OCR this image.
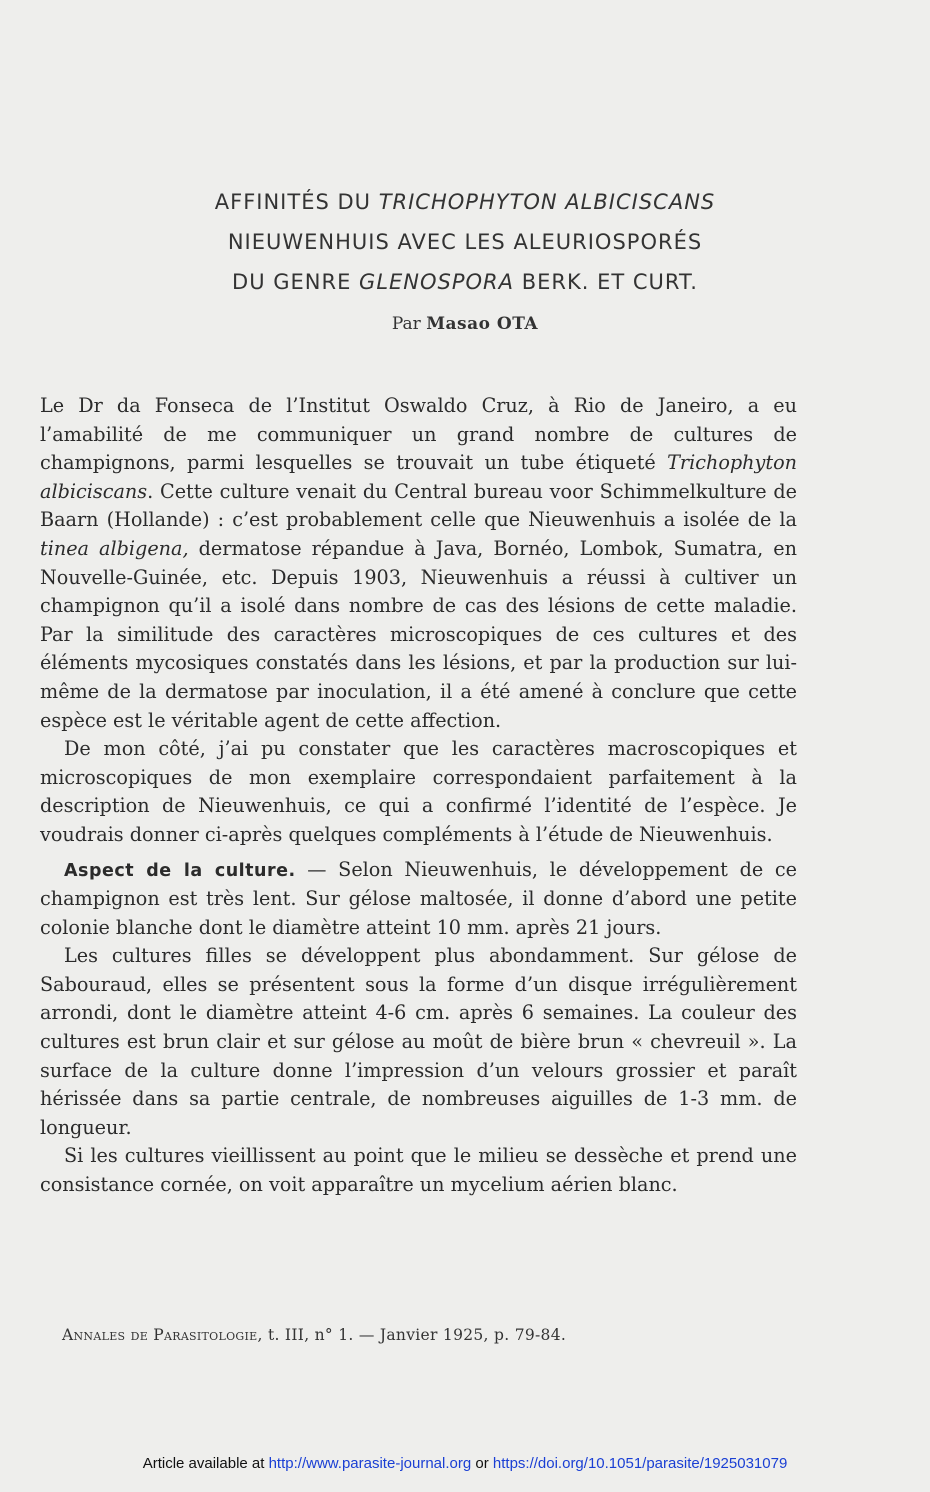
AFFINITÉS DU TRICHOPHYTON ALBICISCANS
NIEUWENHUIS AVEC LES ALEURIOSPORÉS
DU GENRE GLENOSPORA BERK. ET CURT.
Par Masao OTA

Le Dr da Fonseca de l’Institut Oswaldo Cruz, à Rio de Janeiro, a eu l’amabilité de me communiquer un grand nombre de cultures de champignons, parmi lesquelles se trouvait un tube étiqueté Trichophyton albiciscans. Cette culture venait du Central bureau voor Schimmelkulture de Baarn (Hollande) : c’est probablement celle que Nieuwenhuis a isolée de la tinea albigena, dermatose répandue à Java, Bornéo, Lombok, Sumatra, en Nouvelle-Guinée, etc. Depuis 1903, Nieuwenhuis a réussi à cultiver un champignon qu’il a isolé dans nombre de cas des lésions de cette maladie. Par la similitude des caractères microscopiques de ces cultures et des éléments mycosiques constatés dans les lésions, et par la production sur lui-même de la dermatose par inoculation, il a été amené à conclure que cette espèce est le véritable agent de cette affection.

De mon côté, j’ai pu constater que les caractères macroscopiques et microscopiques de mon exemplaire correspondaient parfaitement à la description de Nieuwenhuis, ce qui a confirmé l’identité de l’espèce. Je voudrais donner ci-après quelques compléments à l’étude de Nieuwenhuis.

Aspect de la culture. — Selon Nieuwenhuis, le développement de ce champignon est très lent. Sur gélose maltosée, il donne d’abord une petite colonie blanche dont le diamètre atteint 10 mm. après 21 jours.

Les cultures filles se développent plus abondamment. Sur gélose de Sabouraud, elles se présentent sous la forme d’un disque irrégulièrement arrondi, dont le diamètre atteint 4-6 cm. après 6 semaines. La couleur des cultures est brun clair et sur gélose au moût de bière brun « chevreuil ». La surface de la culture donne l’impression d’un velours grossier et paraît hérissée dans sa partie centrale, de nombreuses aiguilles de 1-3 mm. de longueur.

Si les cultures vieillissent au point que le milieu se dessèche et prend une consistance cornée, on voit apparaître un mycelium aérien blanc.

Annales de Parasitologie, t. III, n° 1. — Janvier 1925, p. 79-84.
Article available at http://www.parasite-journal.org or https://doi.org/10.1051/parasite/1925031079
